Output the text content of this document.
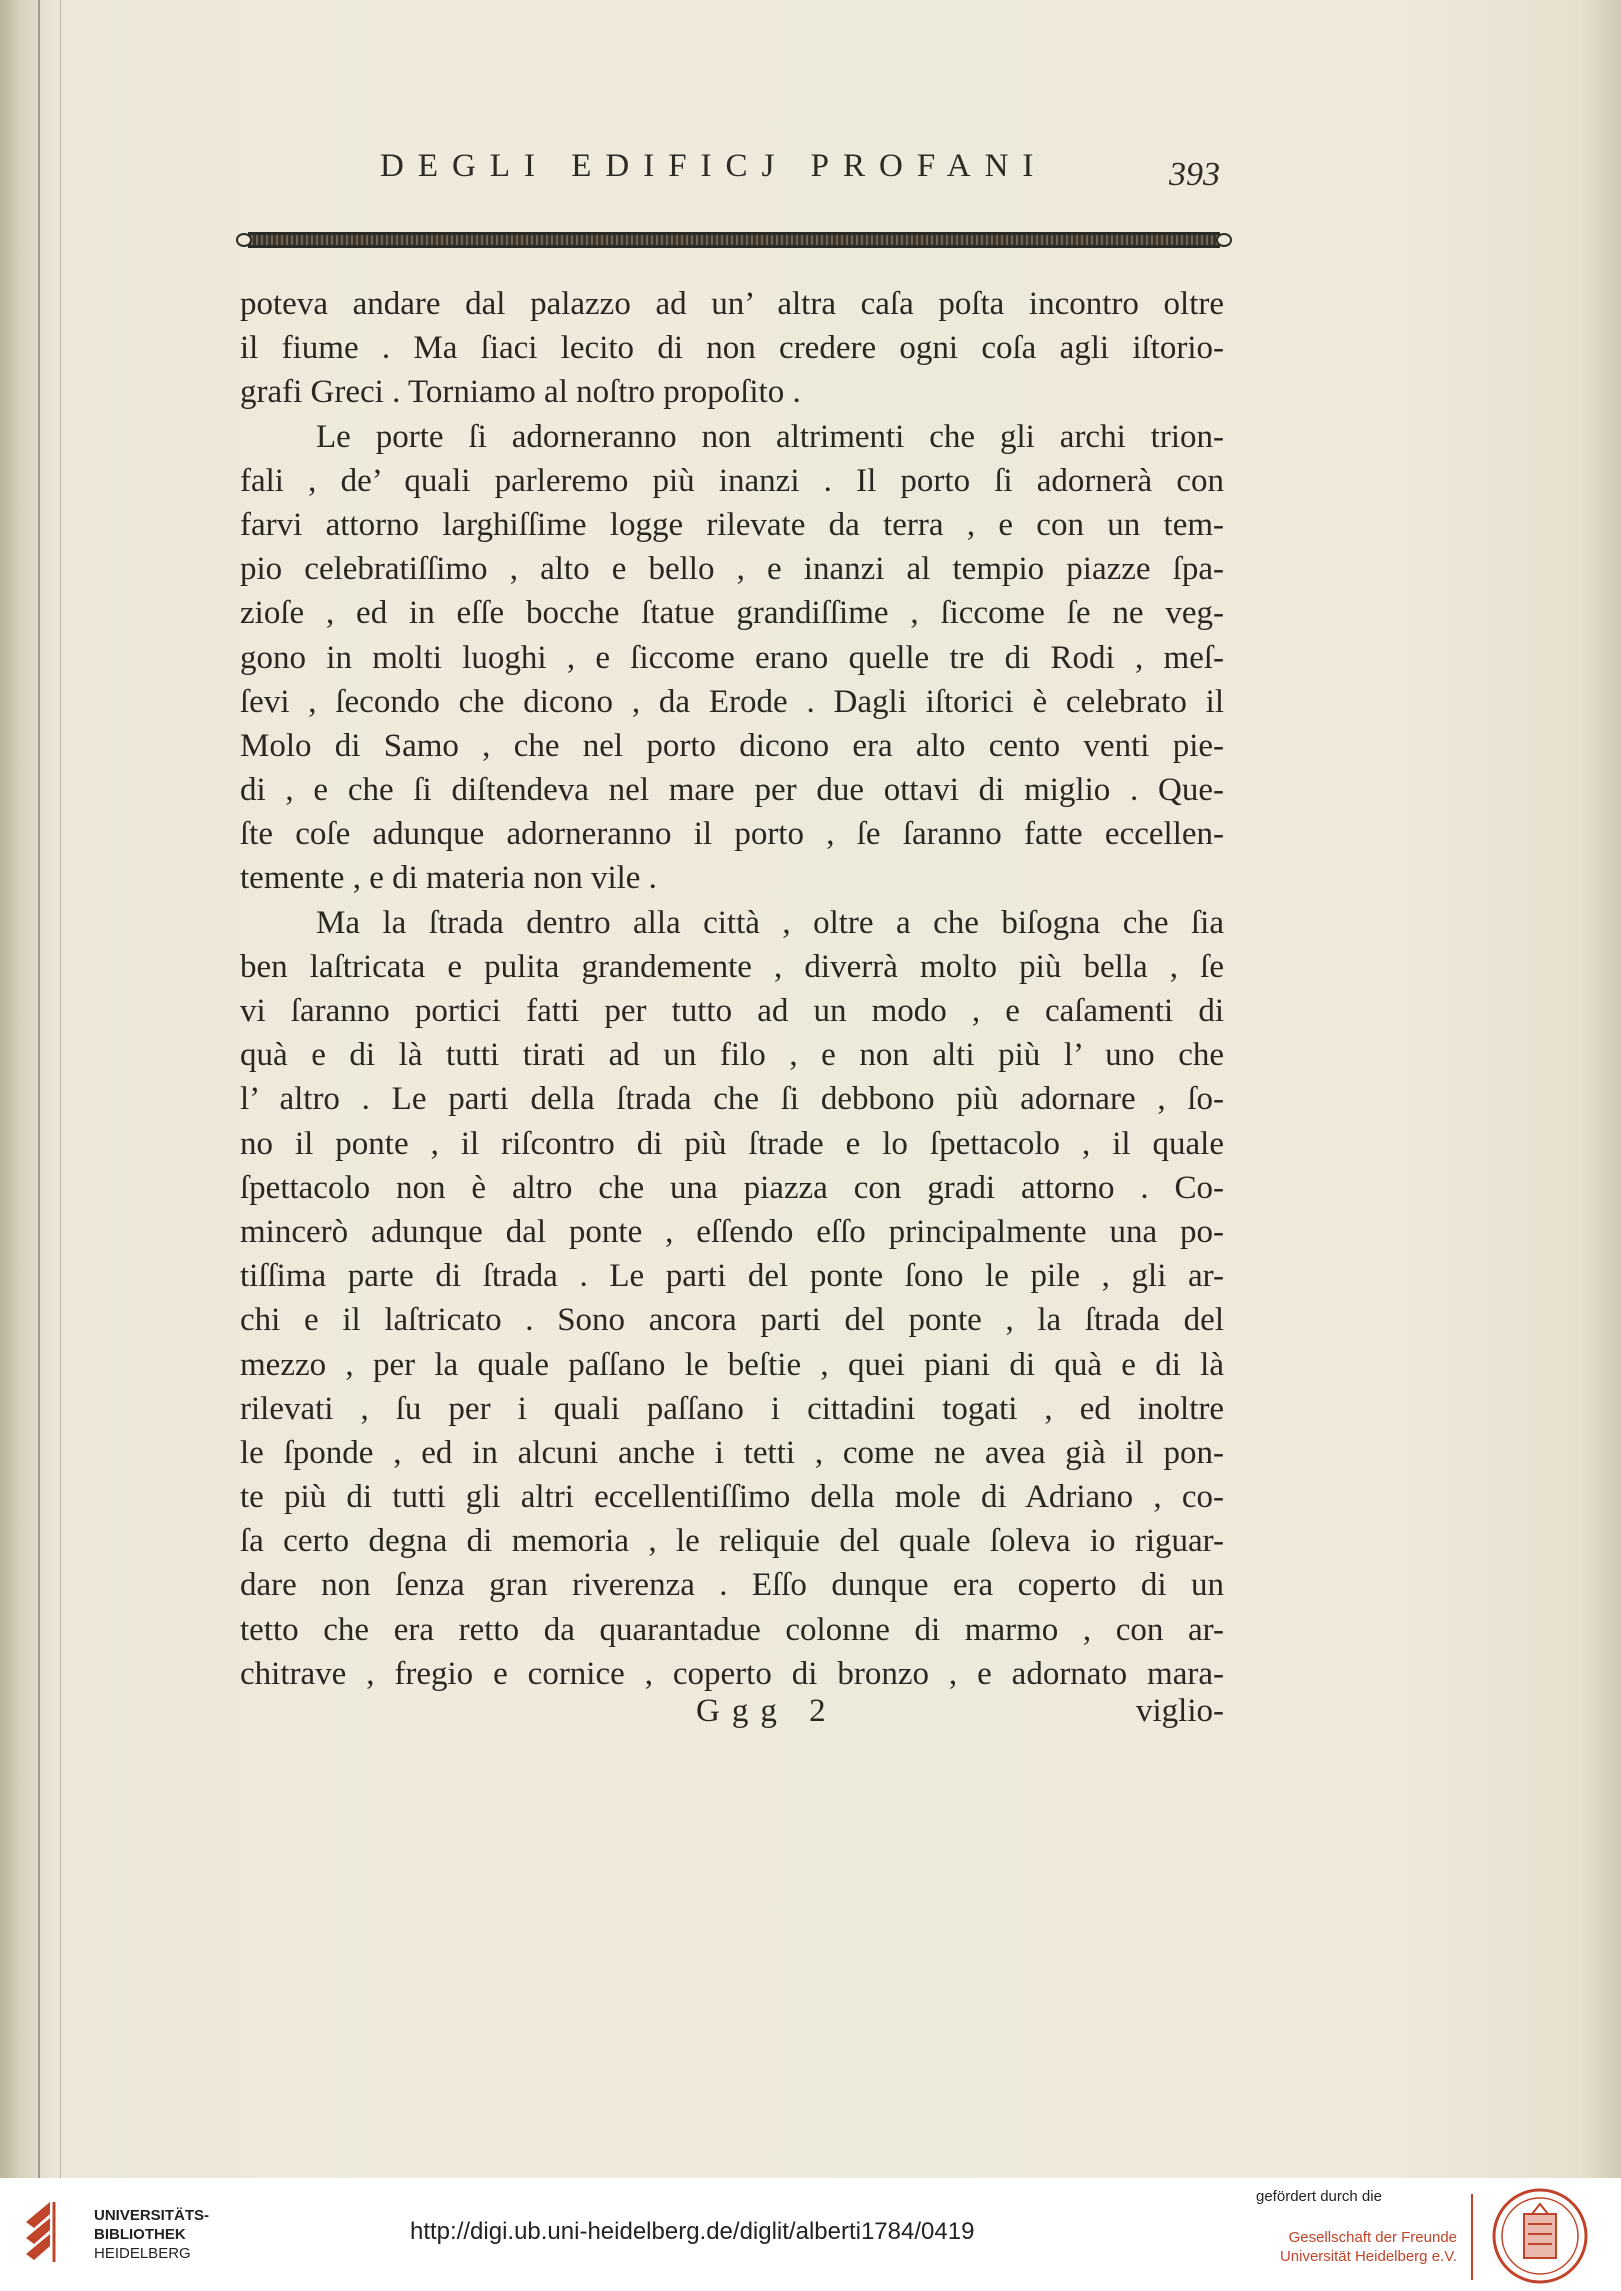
DEGLI EDIFICJ PROFANI	393
poteva andare dal palazzo ad un’ altra caſa poſta incontro oltre
il fiume . Ma ſiaci lecito di non credere ogni coſa agli iſtorio-
grafi Greci . Torniamo al noſtro propoſito .
Le porte ſi adorneranno non altrimenti che gli archi trion-
fali , de’ quali parleremo più inanzi . Il porto ſi adornerà con
farvi attorno larghiſſime logge rilevate da terra , e con un tem-
pio celebratiſſimo , alto e bello , e inanzi al tempio piazze ſpa-
zioſe , ed in eſſe bocche ſtatue grandiſſime , ſiccome ſe ne veg-
gono in molti luoghi , e ſiccome erano quelle tre di Rodi , meſ-
ſevi , ſecondo che dicono , da Erode . Dagli iſtorici è celebrato il
Molo di Samo , che nel porto dicono era alto cento venti pie-
di , e che ſi diſtendeva nel mare per due ottavi di miglio . Que-
ſte coſe adunque adorneranno il porto , ſe ſaranno fatte eccellen-
temente , e di materia non vile .
Ma la ſtrada dentro alla città , oltre a che biſogna che ſia
ben laſtricata e pulita grandemente , diverrà molto più bella , ſe
vi ſaranno portici fatti per tutto ad un modo , e caſamenti di
quà e di là tutti tirati ad un filo , e non alti più l’ uno che
l’ altro . Le parti della ſtrada che ſi debbono più adornare , ſo-
no il ponte , il riſcontro di più ſtrade e lo ſpettacolo , il quale
ſpettacolo non è altro che una piazza con gradi attorno . Co-
mincerò adunque dal ponte , eſſendo eſſo principalmente una po-
tiſſima parte di ſtrada . Le parti del ponte ſono le pile , gli ar-
chi e il laſtricato . Sono ancora parti del ponte , la ſtrada del
mezzo , per la quale paſſano le beſtie , quei piani di quà e di là
rilevati , ſu per i quali paſſano i cittadini togati , ed inoltre
le ſponde , ed in alcuni anche i tetti , come ne avea già il pon-
te più di tutti gli altri eccellentiſſimo della mole di Adriano , co-
ſa certo degna di memoria , le reliquie del quale ſoleva io riguar-
dare non ſenza gran riverenza . Eſſo dunque era coperto di un
tetto che era retto da quarantadue colonne di marmo , con ar-
chitrave , fregio e cornice , coperto di bronzo , e adornato mara-
Ggg 2	viglio-
UNIVERSITÄTS-
BIBLIOTHEK
HEIDELBERG
http://digi.ub.uni-heidelberg.de/diglit/alberti1784/0419
gefördert durch die
Gesellschaft der Freunde
Universität Heidelberg e.V.
